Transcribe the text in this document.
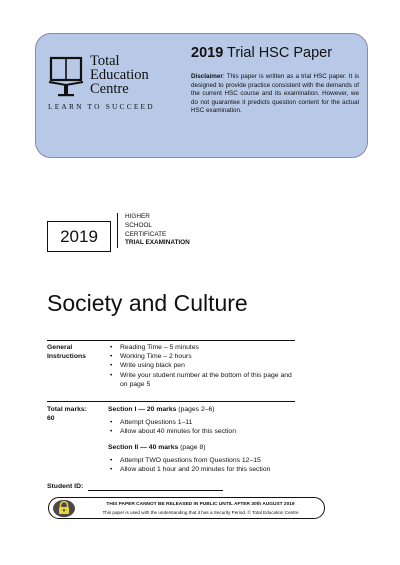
Total
Education
Centre
LEARN TO SUCCEED
2019 Trial HSC Paper
Disclaimer: This paper is written as a trial HSC paper. It is designed to provide practice consistent with the demands of the current HSC course and its examination. However, we do not guarantee it predicts question content for the actual HSC examination.
2019
HIGHER
SCHOOL
CERTIFICATE
TRIAL EXAMINATION
Society and Culture
General
Instructions
• Reading Time – 5 minutes
• Working Time – 2 hours
• Write using black pen
• Write your student number at the bottom of this page and on page 5
Total marks:
60
Section I — 20 marks (pages 2–6)
• Attempt Questions 1–11
• Allow about 40 minutes for this section
Section II — 40 marks (page 8)
• Attempt TWO questions from Questions 12–15
• Allow about 1 hour and 20 minutes for this section
Student ID:
THIS PAPER CANNOT BE RELEASED IN PUBLIC UNTIL AFTER 30th AUGUST 2019
This paper is used with the understanding that it has a Security Period. © Total Education Centre
